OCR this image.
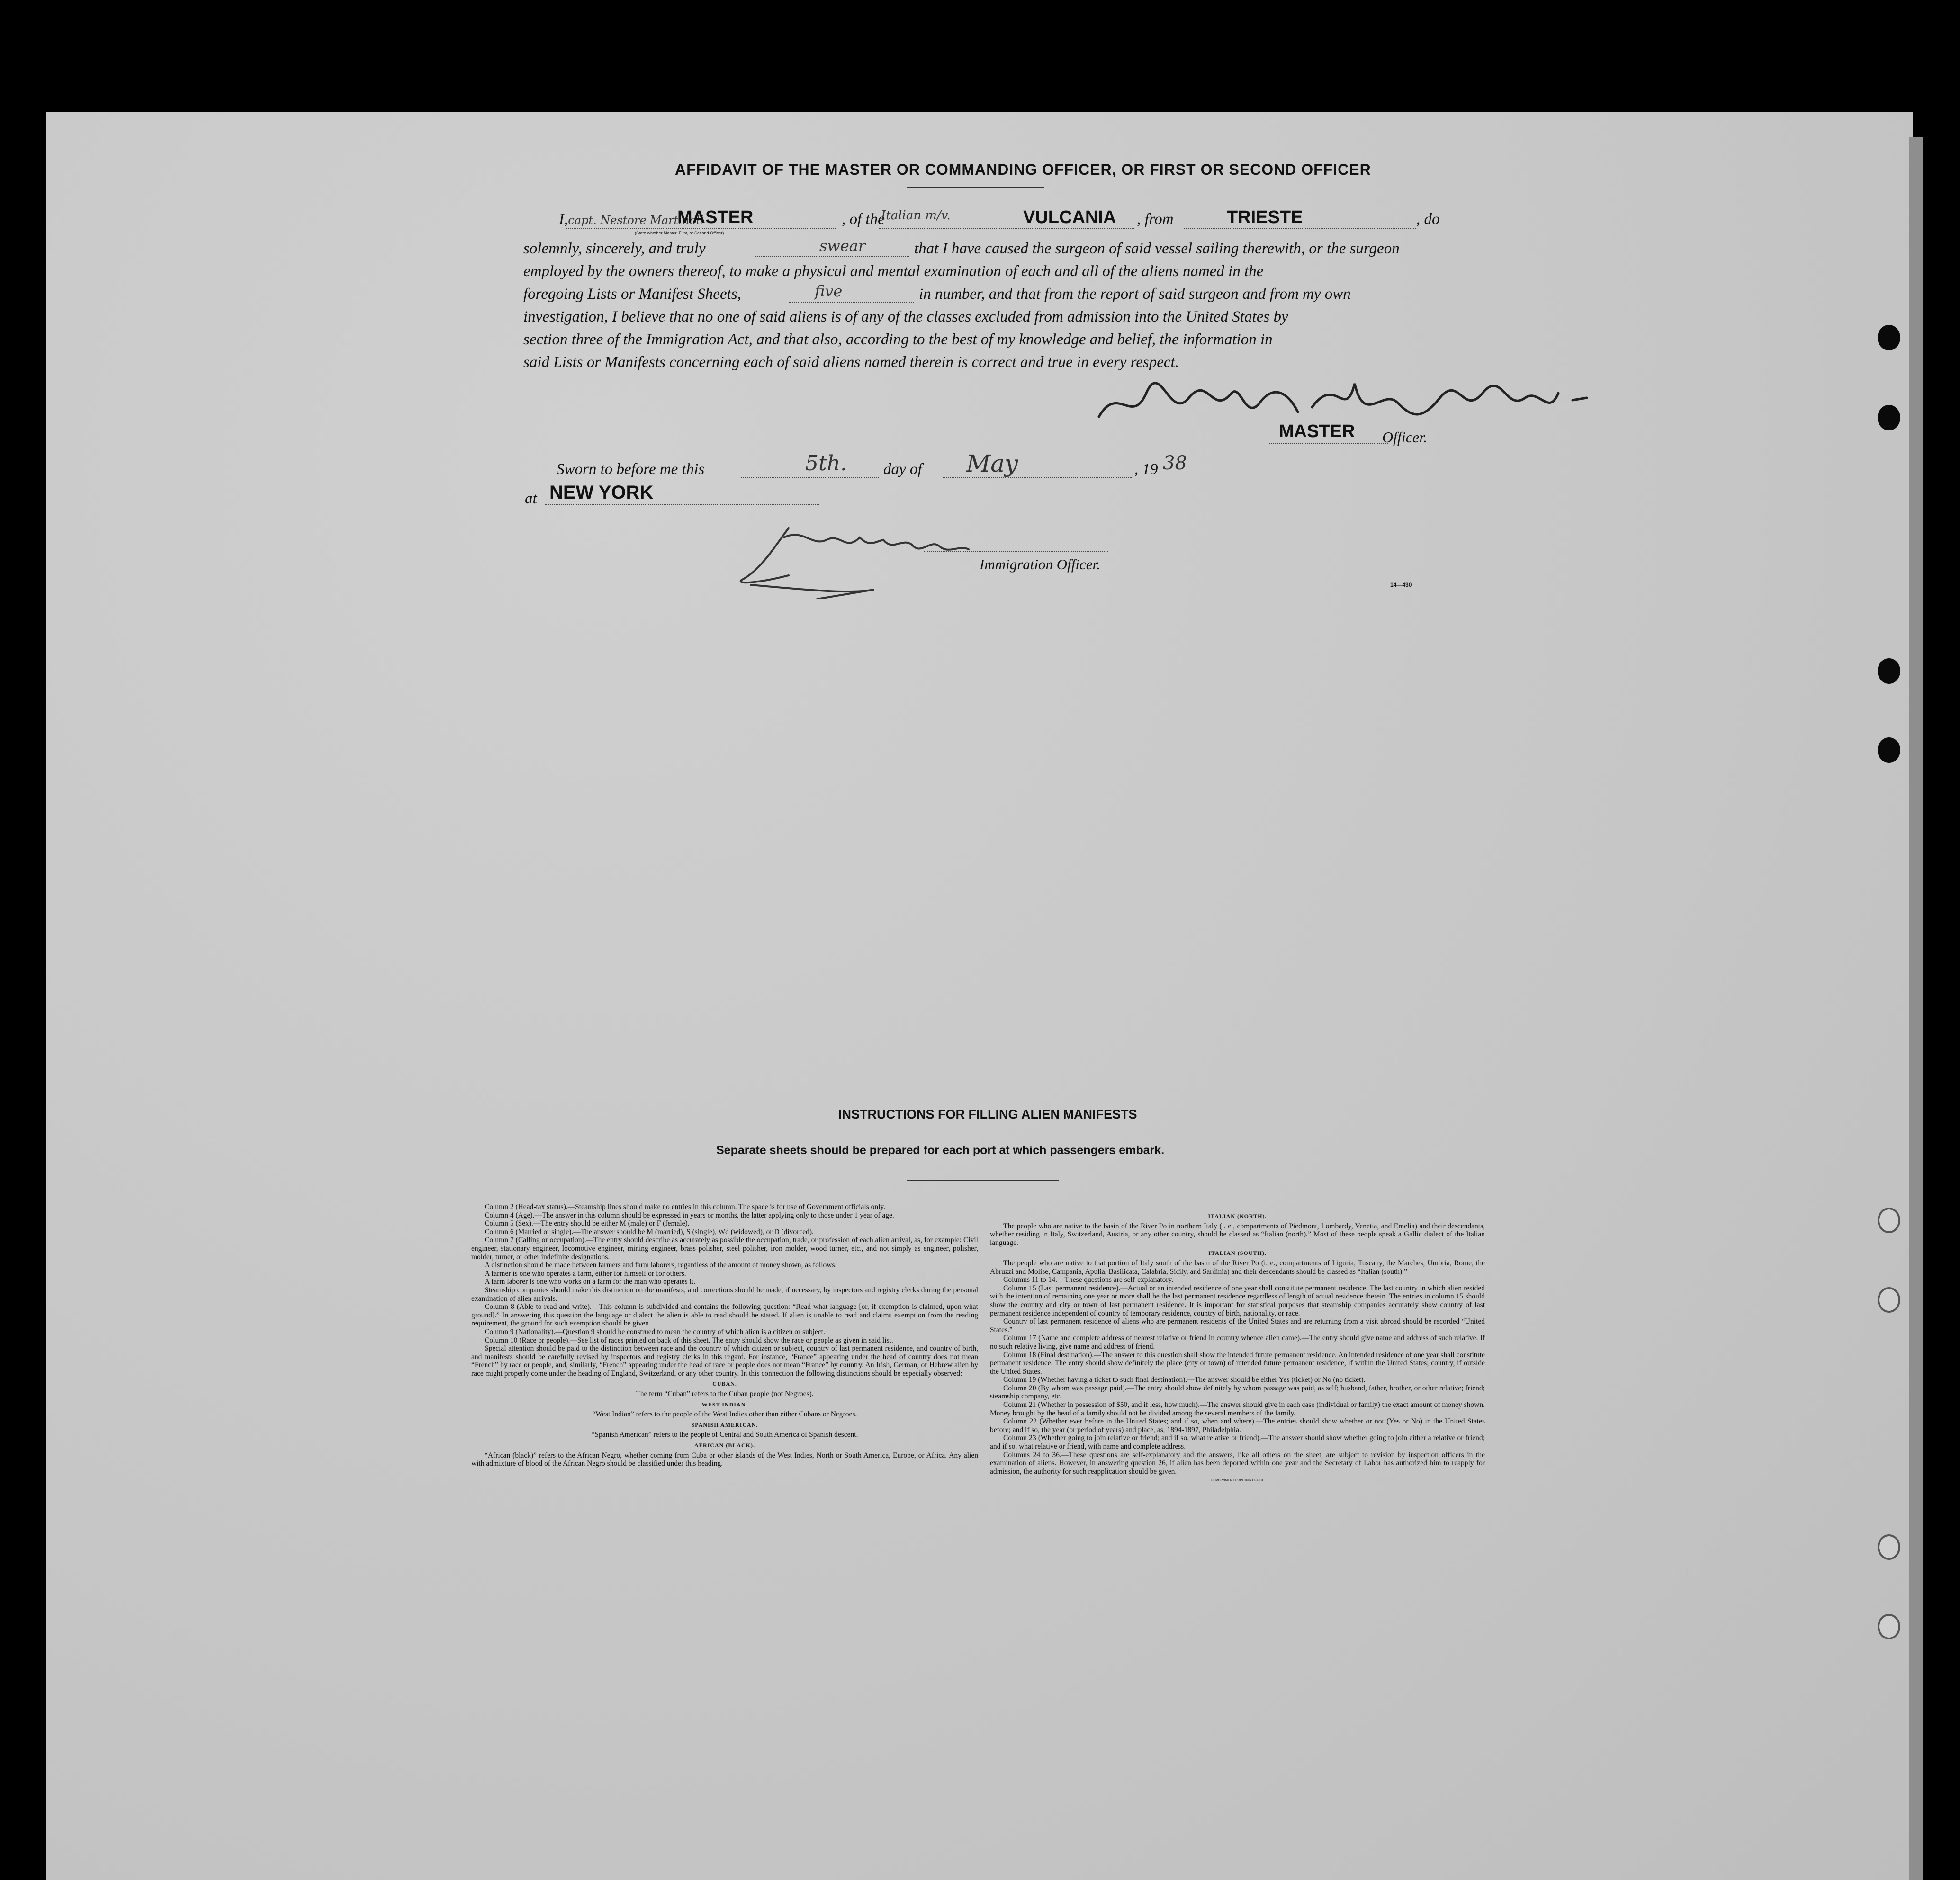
AFFIDAVIT OF THE MASTER OR COMMANDING OFFICER, OR FIRST OR SECOND OFFICER
I,capt. Nestore Martinoli
MASTER
(State whether Master, First, or Second Officer)
, of the
Italian m/v.	VULCANIA , from	TRIESTE	, do
solemnly, sincerely, and truly	swear	that I have caused the surgeon of said vessel sailing therewith, or the surgeon
employed by the owners thereof, to make a physical and mental examination of each and all of the aliens named in the
foregoing Lists or Manifest Sheets,	five	in number, and that from the report of said surgeon and from my own
investigation, I believe that no one of said aliens is of any of the classes excluded from admission into the United States by
section three of the Immigration Act, and that also, according to the best of my knowledge and belief, the information in
said Lists or Manifests concerning each of said aliens named therein is correct and true in every respect.
MASTER Officer.
Sworn to before me this	5th. day of May	, 19 38
at NEW YORK
Immigration Officer.
14—430
INSTRUCTIONS FOR FILLING ALIEN MANIFESTS
Separate sheets should be prepared for each port at which passengers embark.

Column 2 (Head-tax status).—Steamship lines should make no entries in this column. The space is for use of Government officials only.

Column 4 (Age).—The answer in this column should be expressed in years or months, the latter applying only to those under 1 year of age.

Column 5 (Sex).—The entry should be either M (male) or F (female).

Column 6 (Married or single).—The answer should be M (married), S (single), Wd (widowed), or D (divorced).

Column 7 (Calling or occupation).—The entry should describe as accurately as possible the occupation, trade, or profession of each alien arrival, as, for example: Civil engineer, stationary engineer, locomotive engineer, mining engineer, brass polisher, steel polisher, iron molder, wood turner, etc., and not simply as engineer, polisher, molder, turner, or other indefinite designations.

A distinction should be made between farmers and farm laborers, regardless of the amount of money shown, as follows:

A farmer is one who operates a farm, either for himself or for others.

A farm laborer is one who works on a farm for the man who operates it.

Steamship companies should make this distinction on the manifests, and corrections should be made, if necessary, by inspectors and registry clerks during the personal examination of alien arrivals.

Column 8 (Able to read and write).—This column is subdivided and contains the following question: “Read what language [or, if exemption is claimed, upon what ground].” In answering this question the language or dialect the alien is able to read should be stated. If alien is unable to read and claims exemption from the reading requirement, the ground for such exemption should be given.

Column 9 (Nationality).—Question 9 should be construed to mean the country of which alien is a citizen or subject.

Column 10 (Race or people).—See list of races printed on back of this sheet. The entry should show the race or people as given in said list.

Special attention should be paid to the distinction between race and the country of which citizen or subject, country of last permanent residence, and country of birth, and manifests should be carefully revised by inspectors and registry clerks in this regard. For instance, “France” appearing under the head of country does not mean “French” by race or people, and, similarly, “French” appearing under the head of race or people does not mean “France” by country. An Irish, German, or Hebrew alien by race might properly come under the heading of England, Switzerland, or any other country. In this connection the following distinctions should be especially observed:

CUBAN.

The term “Cuban” refers to the Cuban people (not Negroes).

WEST INDIAN.

“West Indian” refers to the people of the West Indies other than either Cubans or Negroes.

SPANISH AMERICAN.

“Spanish American” refers to the people of Central and South America of Spanish descent.

AFRICAN (BLACK).

“African (black)” refers to the African Negro, whether coming from Cuba or other islands of the West Indies, North or South America, Europe, or Africa. Any alien with admixture of blood of the African Negro should be classified under this heading.

ITALIAN (NORTH).

The people who are native to the basin of the River Po in northern Italy (i. e., compartments of Piedmont, Lombardy, Venetia, and Emelia) and their descendants, whether residing in Italy, Switzerland, Austria, or any other country, should be classed as “Italian (north).” Most of these people speak a Gallic dialect of the Italian language.

ITALIAN (SOUTH).

The people who are native to that portion of Italy south of the basin of the River Po (i. e., compartments of Liguria, Tuscany, the Marches, Umbria, Rome, the Abruzzi and Molise, Campania, Apulia, Basilicata, Calabria, Sicily, and Sardinia) and their descendants should be classed as “Italian (south).”

Columns 11 to 14.—These questions are self-explanatory.

Column 15 (Last permanent residence).—Actual or an intended residence of one year shall constitute permanent residence. The last country in which alien resided with the intention of remaining one year or more shall be the last permanent residence regardless of length of actual residence therein. The entries in column 15 should show the country and city or town of last permanent residence. It is important for statistical purposes that steamship companies accurately show country of last permanent residence independent of country of temporary residence, country of birth, nationality, or race.

Country of last permanent residence of aliens who are permanent residents of the United States and are returning from a visit abroad should be recorded “United States.”

Column 17 (Name and complete address of nearest relative or friend in country whence alien came).—The entry should give name and address of such relative. If no such relative living, give name and address of friend.

Column 18 (Final destination).—The answer to this question shall show the intended future permanent residence. An intended residence of one year shall constitute permanent residence. The entry should show definitely the place (city or town) of intended future permanent residence, if within the United States; country, if outside the United States.

Column 19 (Whether having a ticket to such final destination).—The answer should be either Yes (ticket) or No (no ticket).

Column 20 (By whom was passage paid).—The entry should show definitely by whom passage was paid, as self; husband, father, brother, or other relative; friend; steamship company, etc.

Column 21 (Whether in possession of $50, and if less, how much).—The answer should give in each case (individual or family) the exact amount of money shown. Money brought by the head of a family should not be divided among the several members of the family.

Column 22 (Whether ever before in the United States; and if so, when and where).—The entries should show whether or not (Yes or No) in the United States before; and if so, the year (or period of years) and place, as, 1894-1897, Philadelphia.

Column 23 (Whether going to join relative or friend; and if so, what relative or friend).—The answer should show whether going to join either a relative or friend; and if so, what relative or friend, with name and complete address.

Columns 24 to 36.—These questions are self-explanatory and the answers, like all others on the sheet, are subject to revision by inspection officers in the examination of aliens. However, in answering question 26, if alien has been deported within one year and the Secretary of Labor has authorized him to reapply for admission, the authority for such reapplication should be given.

GOVERNMENT PRINTING OFFICE
